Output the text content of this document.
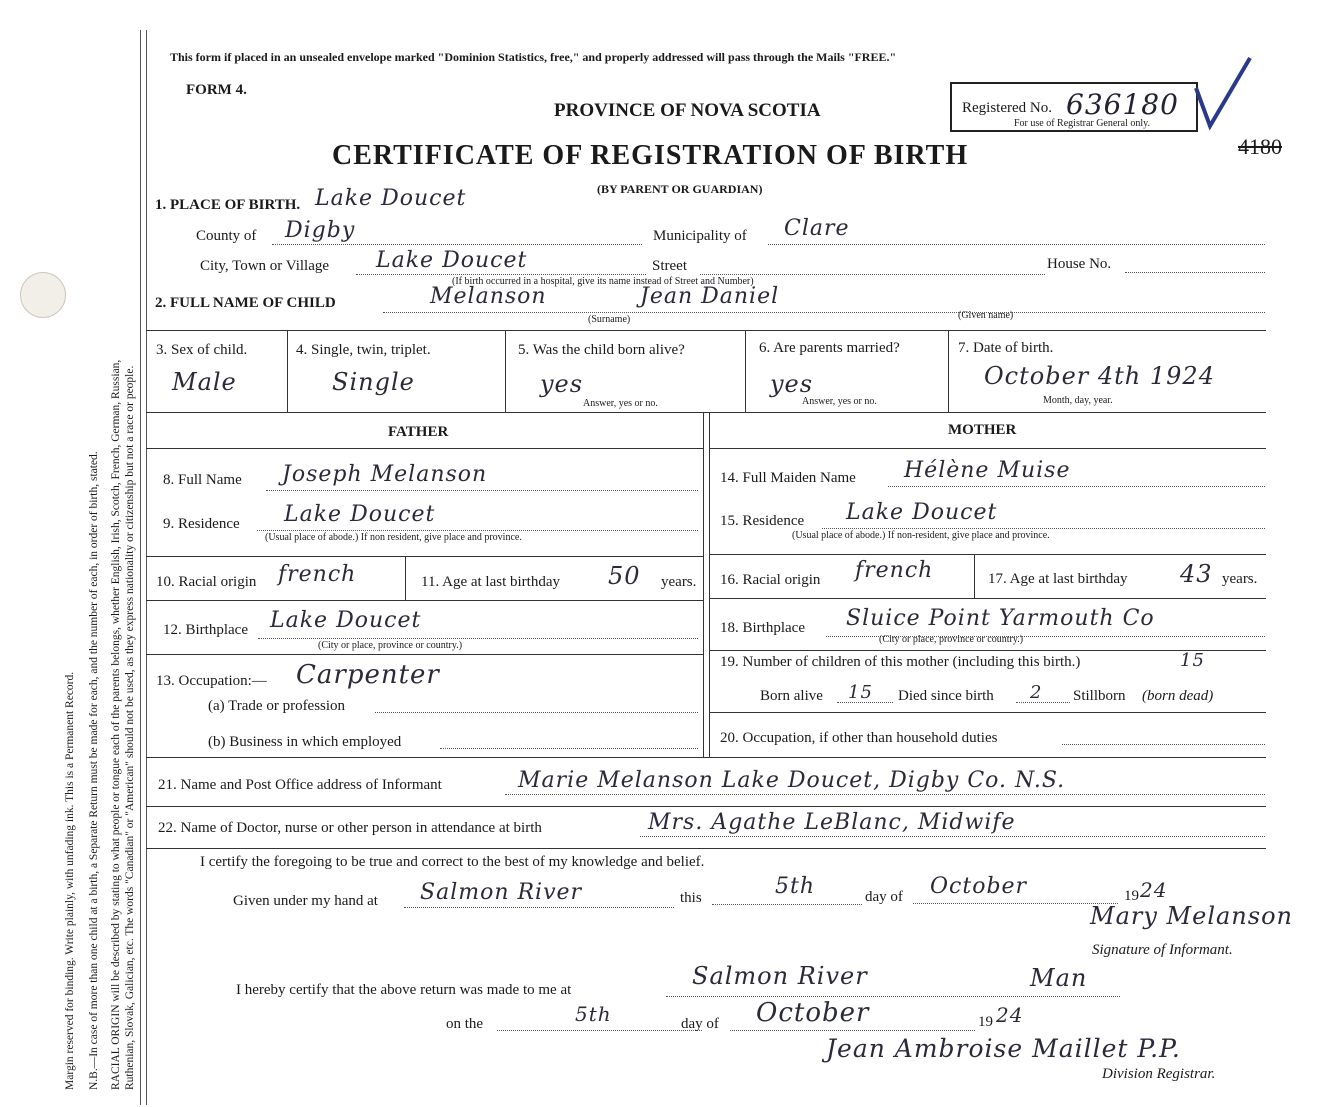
Margin reserved for binding. Write plainly, with unfading ink. This is a Permanent Record. N.B.—In case of more than one child at a birth, a Separate Return must be made for each, and the number of each, in order of birth, stated. RACIAL ORIGIN will be described by stating to what people or tongue each of the parents belongs, whether English, Irish, Scotch, French, German, Russian, Ruthenian, Slovak, Galician, etc. The words "Canadian" or "American" should not be used, as they express nationality or citizenship but not a race or people.
This form if placed in an unsealed envelope marked "Dominion Statistics, free," and properly addressed will pass through the Mails "FREE."
FORM 4.
PROVINCE OF NOVA SCOTIA
CERTIFICATE OF REGISTRATION OF BIRTH
(BY PARENT OR GUARDIAN)
Registered No. 636180
For use of Registrar General only.
4180
1. PLACE OF BIRTH. Lake Doucet
County of Digby	Municipality of Clare
City, Town or Village Lake Doucet	Street	House No.
(If birth occurred in a hospital, give its name instead of Street and Number)
2. FULL NAME OF CHILD	Melanson	Jean Daniel
(Surname)	(Given name)
3. Sex of child.
Male
4. Single, twin, triplet.
Single
5. Was the child born alive?
yes
Answer, yes or no.
6. Are parents married?
yes
Answer, yes or no.
7. Date of birth.
October 4th 1924
Month, day, year.
FATHER	MOTHER
8. Full Name Joseph Melanson
9. Residence Lake Doucet
(Usual place of abode.) If non resident, give place and province.
10. Racial origin french	11. Age at last birthday 50 years.
12. Birthplace Lake Doucet
(City or place, province or country.)
13. Occupation:— Carpenter
(a) Trade or profession
(b) Business in which employed
14. Full Maiden Name Hélène Muise
15. Residence Lake Doucet
(Usual place of abode.) If non-resident, give place and province.
16. Racial origin french	17. Age at last birthday 43 years.
18. Birthplace Sluice Point Yarmouth Co
(City or place, province or country.)
19. Number of children of this mother (including this birth.)	15
Born alive 15 Died since birth 2 Stillborn (born dead)
20. Occupation, if other than household duties
21. Name and Post Office address of Informant	Marie Melanson Lake Doucet, Digby Co. N.S.
22. Name of Doctor, nurse or other person in attendance at birth	Mrs. Agathe LeBlanc, Midwife
I certify the foregoing to be true and correct to the best of my knowledge and belief.
Given under my hand at Salmon River	this	5th	day of October	19 24
Mary Melanson
Signature of Informant.
I hereby certify that the above return was made to me at	Salmon River	Man
on the	5th	day of October	19 24
Jean Ambroise Maillet P.P.
Division Registrar.
